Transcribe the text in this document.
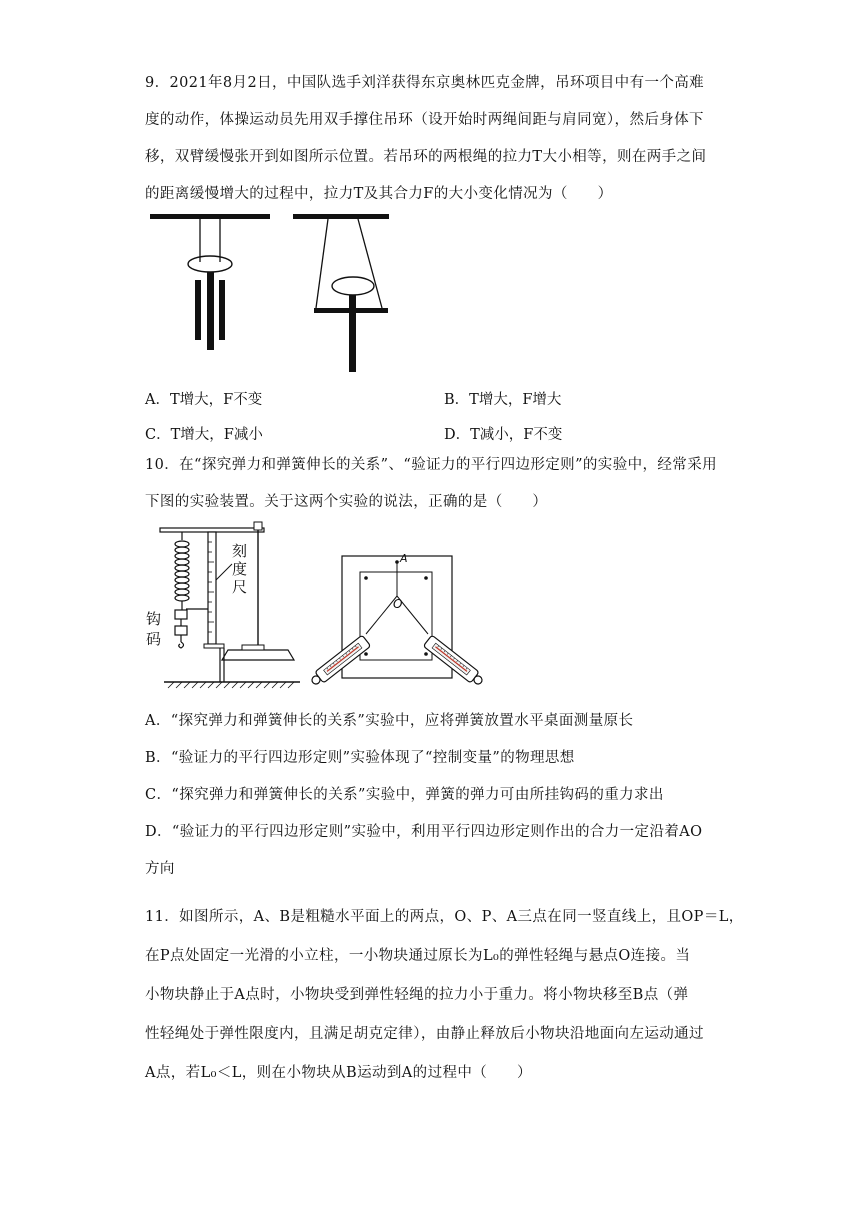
9．2021年8月2日，中国队选手刘洋获得东京奥林匹克金牌，吊环项目中有一个高难
度的动作，体操运动员先用双手撑住吊环（设开始时两绳间距与肩同宽），然后身体下
移，双臂缓慢张开到如图所示位置。若吊环的两根绳的拉力T大小相等，则在两手之间
的距离缓慢增大的过程中，拉力T及其合力F的大小变化情况为（　　）
A．T增大，F不变	B．T增大，F增大
C．T增大，F减小	D．T减小，F不变
10．在“探究弹力和弹簧伸长的关系”、“验证力的平行四边形定则”的实验中，经常采用
下图的实验装置。关于这两个实验的说法，正确的是（　　）
刻
度
尺
钩
码
A
O
A．“探究弹力和弹簧伸长的关系”实验中，应将弹簧放置水平桌面测量原长
B．“验证力的平行四边形定则”实验体现了“控制变量”的物理思想
C．“探究弹力和弹簧伸长的关系”实验中，弹簧的弹力可由所挂钩码的重力求出
D．“验证力的平行四边形定则”实验中，利用平行四边形定则作出的合力一定沿着AO
方向
11．如图所示，A、B是粗糙水平面上的两点，O、P、A三点在同一竖直线上，且OP＝L，
在P点处固定一光滑的小立柱，一小物块通过原长为L₀的弹性轻绳与悬点O连接。当
小物块静止于A点时，小物块受到弹性轻绳的拉力小于重力。将小物块移至B点（弹
性轻绳处于弹性限度内，且满足胡克定律），由静止释放后小物块沿地面向左运动通过
A点，若L₀＜L，则在小物块从B运动到A的过程中（　　）
